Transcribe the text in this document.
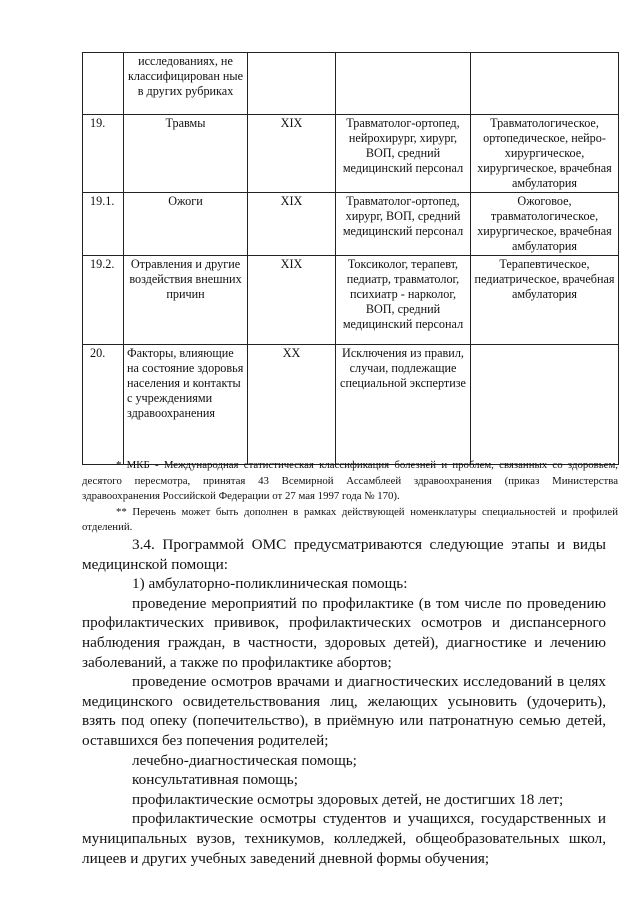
	исследованиях, не классифицирован ные в других рубриках			
19.	Травмы	XIX	Травматолог-ортопед, нейрохирург, хирург, ВОП, средний медицинский персонал	Травматологическое, ортопедическое, нейро-хирургическое, хирургическое, врачебная амбулатория
19.1.	Ожоги	XIX	Травматолог-ортопед, хирург, ВОП, средний медицинский персонал	Ожоговое, травматологическое, хирургическое, врачебная амбулатория
19.2.	Отравления и другие воздействия внешних причин	XIX	Токсиколог, терапевт, педиатр, травматолог, психиатр - нарколог, ВОП, средний медицинский персонал	Терапевтическое, педиатрическое, врачебная амбулатория
20.	Факторы, влияющие на состояние здоровья населения и контакты с учреждениями здравоохранения	XX	Исключения из правил, случаи, подлежащие специальной экспертизе	

* МКБ - Международная статистическая классификация болезней и проблем, связанных со здоровьем, десятого пересмотра, принятая 43 Всемирной Ассамблеей здравоохранения (приказ Министерства здравоохранения Российской Федерации от 27 мая 1997 года № 170).

** Перечень может быть дополнен в рамках действующей номенклатуры специальностей и профилей отделений.

3.4. Программой ОМС предусматриваются следующие этапы и виды медицинской помощи:

1) амбулаторно-поликлиническая помощь:

проведение мероприятий по профилактике (в том числе по проведению профилактических прививок, профилактических осмотров и диспансерного наблюдения граждан, в частности, здоровых детей), диагностике и лечению заболеваний, а также по профилактике абортов;

проведение осмотров врачами и диагностических исследований в целях медицинского освидетельствования лиц, желающих усыновить (удочерить), взять под опеку (попечительство), в приёмную или патронатную семью детей, оставшихся без попечения родителей;

лечебно-диагностическая помощь;

консультативная помощь;

профилактические осмотры здоровых детей, не достигших 18 лет;

профилактические осмотры студентов и учащихся, государственных и муниципальных вузов, техникумов, колледжей, общеобразовательных школ, лицеев и других учебных заведений дневной формы обучения;
